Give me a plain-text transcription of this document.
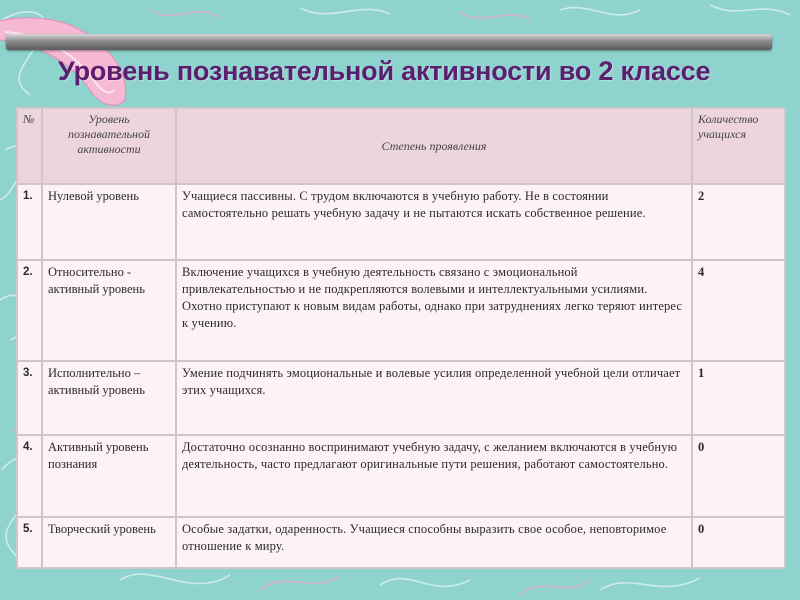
Уровень познавательной активности во 2 классе
№	Уровень познавательной активности	Степень проявления	Количество учащихся
1.	Нулевой уровень	Учащиеся пассивны. С трудом включаются в учебную работу. Не в состоянии самостоятельно решать учебную задачу и не пытаются искать собственное решение.	2
2.	Относительно - активный уровень	Включение учащихся в учебную деятельность связано с эмоциональной привлекательностью и не подкрепляются волевыми и интеллектуальными усилиями. Охотно приступают к новым видам работы, однако при затруднениях легко теряют интерес к учению.	4
3.	Исполнительно – активный уровень	Умение подчинять эмоциональные и волевые усилия определенной учебной цели отличает этих учащихся.	1
4.	Активный уровень познания	Достаточно осознанно воспринимают учебную задачу, с желанием включаются в учебную деятельность, часто предлагают оригинальные пути решения, работают самостоятельно.	0
5.	Творческий уровень	Особые задатки, одаренность. Учащиеся способны выразить свое особое, неповторимое отношение к миру.	0
